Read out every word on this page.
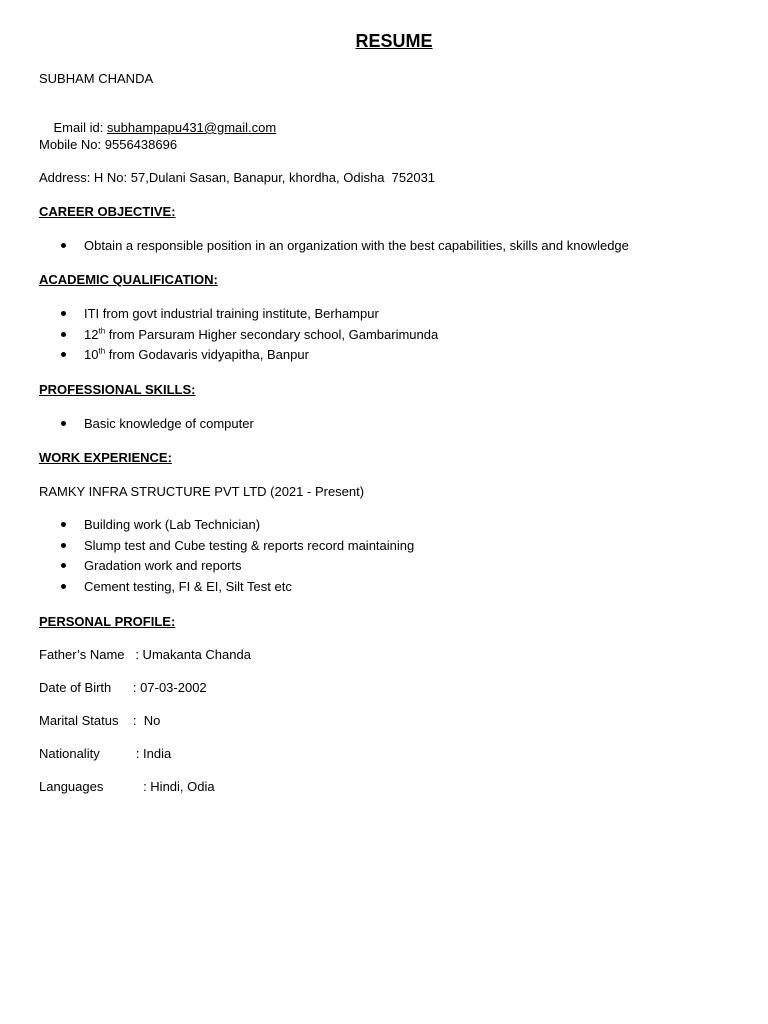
RESUME
SUBHAM CHANDA

Email id: subhampapu431@gmail.com

Mobile No: 9556438696
Address: H No: 57,Dulani Sasan, Banapur, khordha, Odisha  752031
CAREER OBJECTIVE:
Obtain a responsible position in an organization with the best capabilities, skills and knowledge
ACADEMIC QUALIFICATION:
ITI from govt industrial training institute, Berhampur
12th from Parsuram Higher secondary school, Gambarimunda
10th from Godavaris vidyapitha, Banpur
PROFESSIONAL SKILLS:
Basic knowledge of computer
WORK EXPERIENCE:
RAMKY INFRA STRUCTURE PVT LTD (2021 - Present)
Building work (Lab Technician)
Slump test and Cube testing & reports record maintaining
Gradation work and reports
Cement testing, FI & EI, Silt Test etc
PERSONAL PROFILE:
Father’s Name   : Umakanta Chanda
Date of Birth      : 07-03-2002
Marital Status    :  No
Nationality          : India
Languages           : Hindi, Odia
